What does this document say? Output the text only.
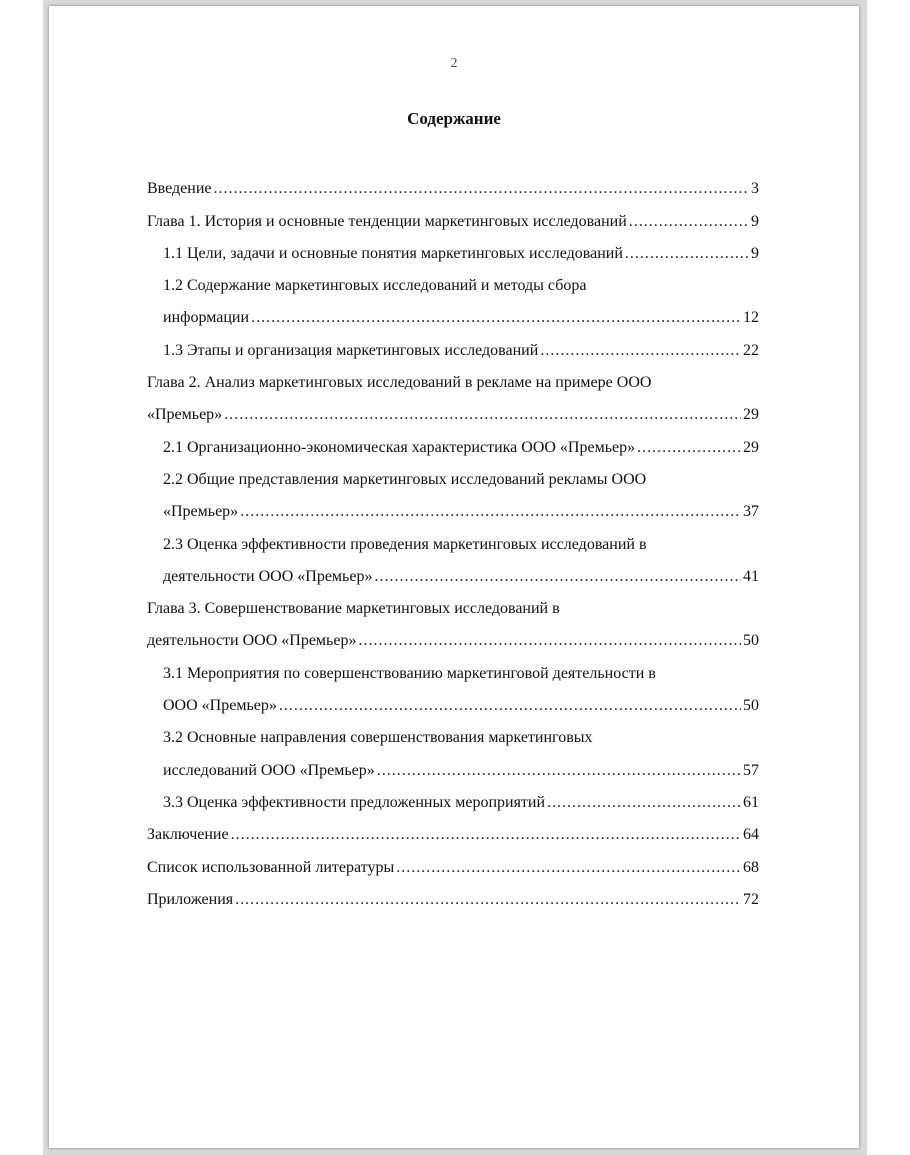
2
Содержание
Введение .....	3
Глава 1. История и основные тенденции маркетинговых исследований .....	9
1.1 Цели, задачи и основные понятия маркетинговых исследований .....	9
1.2 Содержание маркетинговых исследований и методы сбора
информации .....	12
1.3 Этапы и организация маркетинговых исследований .....	22
Глава 2. Анализ маркетинговых исследований в рекламе на примере ООО
«Премьер» .....	29
2.1 Организационно-экономическая характеристика ООО «Премьер» .....	29
2.2 Общие представления маркетинговых исследований рекламы ООО
«Премьер» .....	37
2.3 Оценка эффективности проведения маркетинговых исследований в
деятельности ООО «Премьер» .....	41
Глава 3. Совершенствование маркетинговых исследований в
деятельности ООО «Премьер» .....	50
3.1 Мероприятия по совершенствованию маркетинговой деятельности в
ООО «Премьер» .....	50
3.2 Основные направления совершенствования маркетинговых
исследований ООО «Премьер» .....	57
3.3 Оценка эффективности предложенных мероприятий .....	61
Заключение .....	64
Список использованной литературы .....	68
Приложения .....	72
